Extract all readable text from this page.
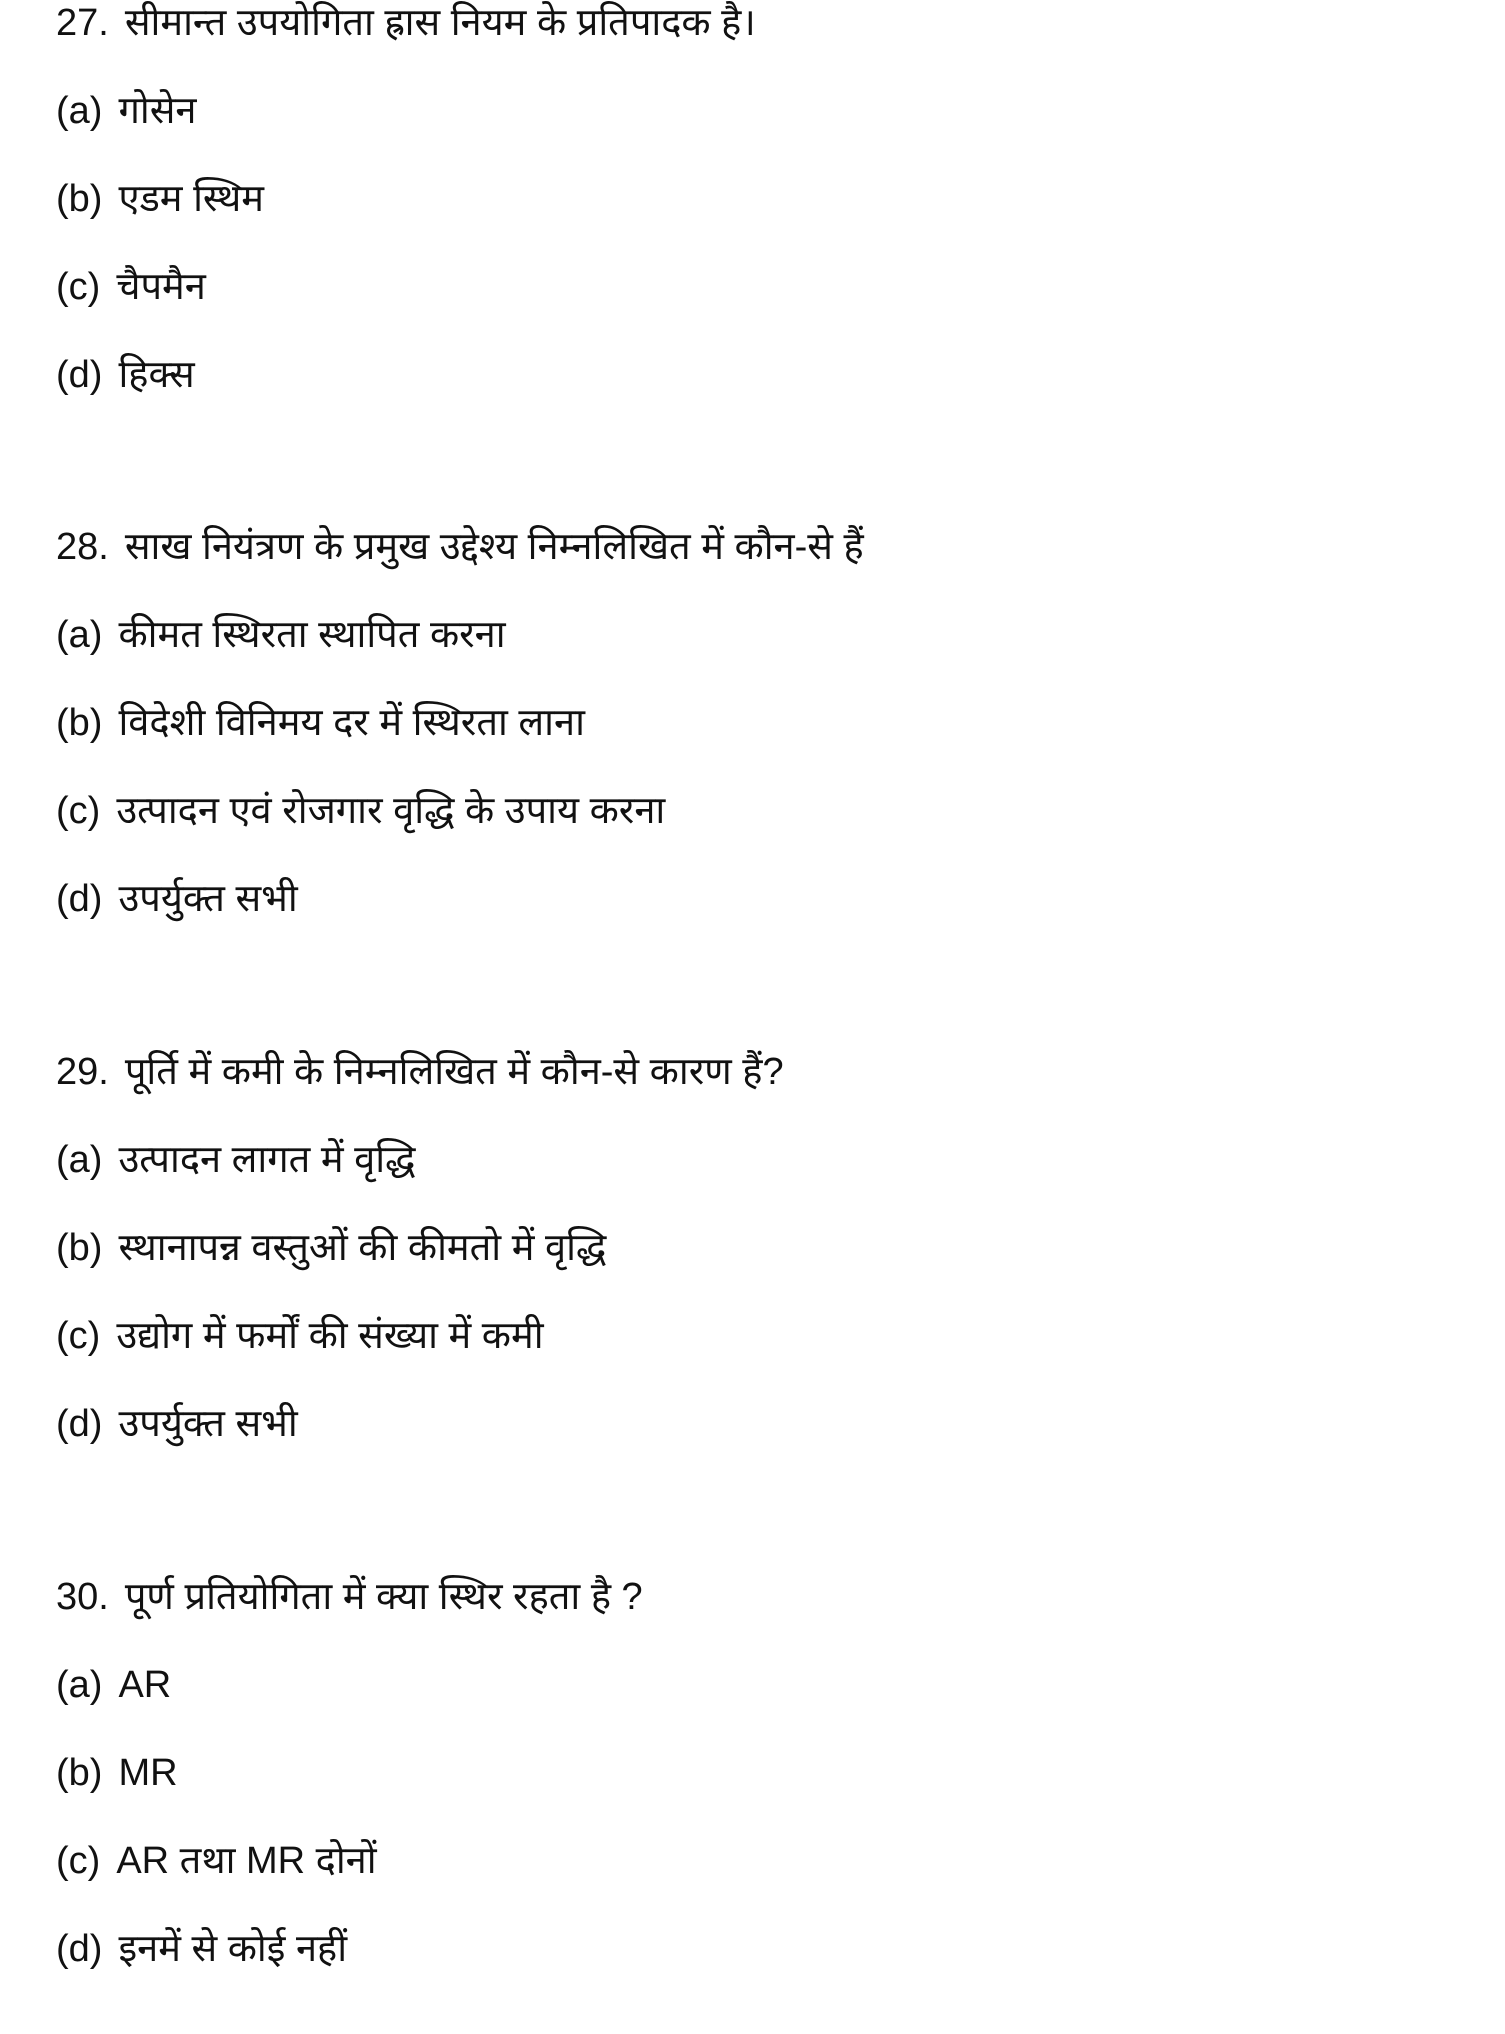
27. सीमान्त उपयोगिता ह्रास नियम के प्रतिपादक है।
(a) गोसेन
(b) एडम स्थिम
(c) चैपमैन
(d) हिक्स
28. साख नियंत्रण के प्रमुख उद्देश्य निम्नलिखित में कौन-से हैं
(a) कीमत स्थिरता स्थापित करना
(b) विदेशी विनिमय दर में स्थिरता लाना
(c) उत्पादन एवं रोजगार वृद्धि के उपाय करना
(d) उपर्युक्त सभी
29. पूर्ति में कमी के निम्नलिखित में कौन-से कारण हैं?
(a) उत्पादन लागत में वृद्धि
(b) स्थानापन्न वस्तुओं की कीमतो में वृद्धि
(c) उद्योग में फर्मों की संख्या में कमी
(d) उपर्युक्त सभी
30. पूर्ण प्रतियोगिता में क्या स्थिर रहता है ?
(a) AR
(b) MR
(c) AR तथा MR दोनों
(d) इनमें से कोई नहीं
